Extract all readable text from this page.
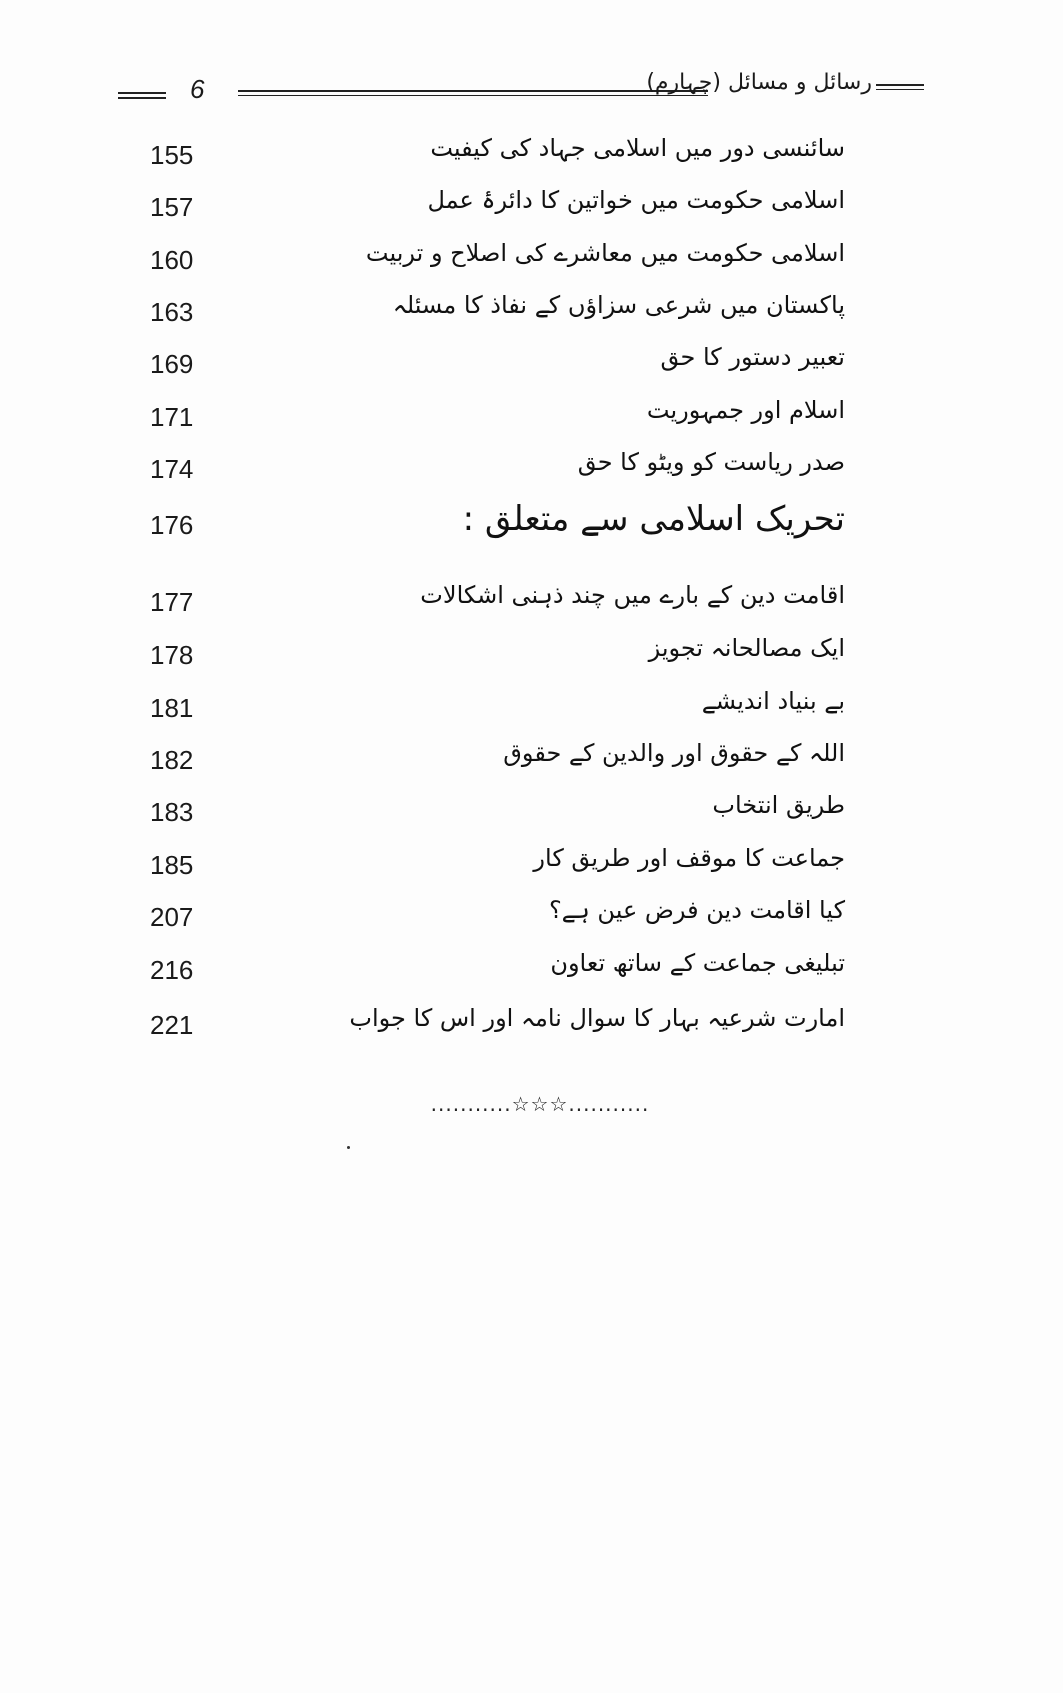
6	رسائل و مسائل (چہارم)
155	سائنسی دور میں اسلامی جہاد کی کیفیت
157	اسلامی حکومت میں خواتین کا دائرۂ عمل
160	اسلامی حکومت میں معاشرے کی اصلاح و تربیت
163	پاکستان میں شرعی سزاؤں کے نفاذ کا مسئلہ
169	تعبیر دستور کا حق
171	اسلام اور جمہوریت
174	صدر ریاست کو ویٹو کا حق
176	تحریک اسلامی سے متعلق :
177	اقامت دین کے بارے میں چند ذہنی اشکالات
178	ایک مصالحانہ تجویز
181	بے بنیاد اندیشے
182	اللہ کے حقوق اور والدین کے حقوق
183	طریق انتخاب
185	جماعت کا موقف اور طریق کار
207	کیا اقامت دین فرض عین ہے؟
216	تبلیغی جماعت کے ساتھ تعاون
221	امارت شرعیہ بہار کا سوال نامہ اور اس کا جواب
...........☆☆☆...........
